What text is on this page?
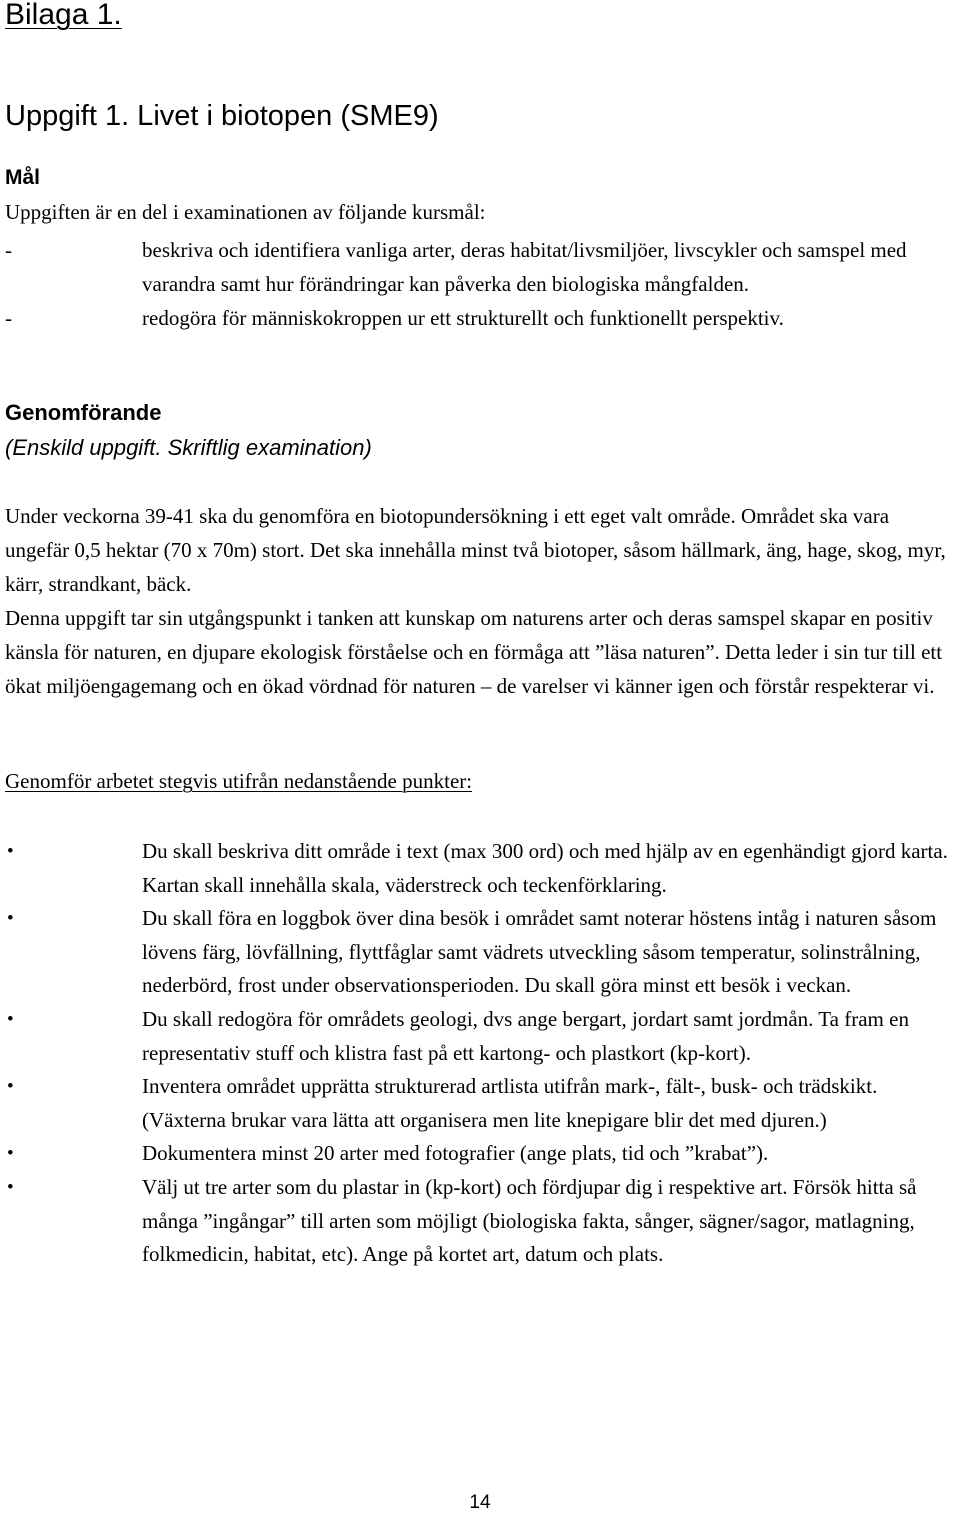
Bilaga 1.
Uppgift 1. Livet i biotopen (SME9)
Mål
Uppgiften är en del i examinationen av följande kursmål:
-	beskriva och identifiera vanliga arter, deras habitat/livsmiljöer, livscykler och samspel med varandra samt hur förändringar kan påverka den biologiska mångfalden.
-	redogöra för människokroppen ur ett strukturellt och funktionellt perspektiv.
Genomförande
(Enskild uppgift. Skriftlig examination)

Under veckorna 39-41 ska du genomföra en biotopundersökning i ett eget valt område. Området ska vara ungefär 0,5 hektar (70 x 70m) stort. Det ska innehålla minst två biotoper, såsom hällmark, äng, hage, skog, myr, kärr, strandkant, bäck.

Denna uppgift tar sin utgångspunkt i tanken att kunskap om naturens arter och deras samspel skapar en positiv känsla för naturen, en djupare ekologisk förståelse och en förmåga att ”läsa naturen”. Detta leder i sin tur till ett ökat miljöengagemang och en ökad vördnad för naturen – de varelser vi känner igen och förstår respekterar vi.

Genomför arbetet stegvis utifrån nedanstående punkter:
•	Du skall beskriva ditt område i text (max 300 ord) och med hjälp av en egenhändigt gjord karta. Kartan skall innehålla skala, väderstreck och teckenförklaring.
•	Du skall föra en loggbok över dina besök i området samt noterar höstens intåg i naturen såsom lövens färg, lövfällning, flyttfåglar samt vädrets utveckling såsom temperatur, solinstrålning, nederbörd, frost under observationsperioden. Du skall göra minst ett besök i veckan.
•	Du skall redogöra för områdets geologi, dvs ange bergart, jordart samt jordmån. Ta fram en representativ stuff och klistra fast på ett kartong- och plastkort (kp-kort).
•	Inventera området upprätta strukturerad artlista utifrån mark-, fält-, busk- och trädskikt. (Växterna brukar vara lätta att organisera men lite knepigare blir det med djuren.)
•	Dokumentera minst 20 arter med fotografier (ange plats, tid och ”krabat”).
•	Välj ut tre arter som du plastar in (kp-kort) och fördjupar dig i respektive art. Försök hitta så många ”ingångar” till arten som möjligt (biologiska fakta, sånger, sägner/sagor, matlagning, folkmedicin, habitat, etc). Ange på kortet art, datum och plats.
14
